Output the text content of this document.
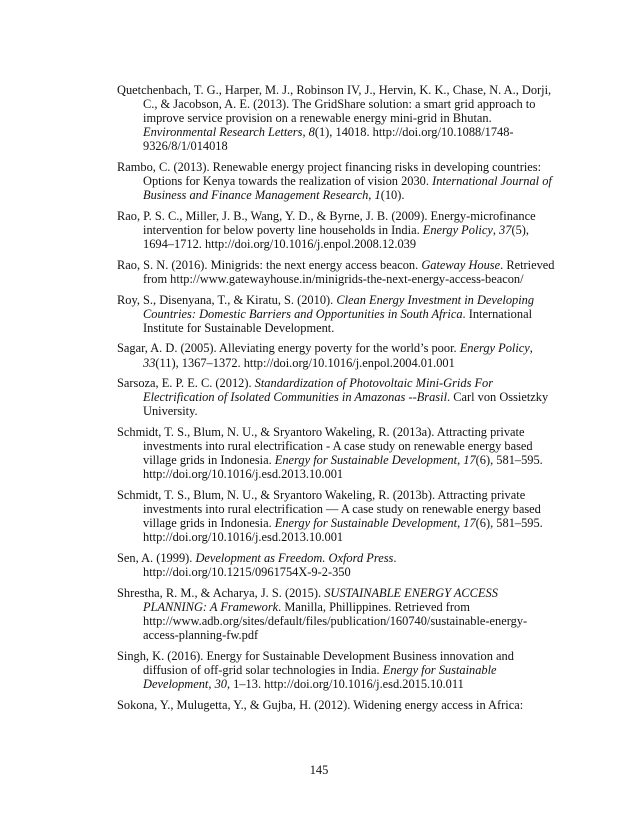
Quetchenbach, T. G., Harper, M. J., Robinson IV, J., Hervin, K. K., Chase, N. A., Dorji, C., & Jacobson, A. E. (2013). The GridShare solution: a smart grid approach to improve service provision on a renewable energy mini-grid in Bhutan. Environmental Research Letters, 8(1), 14018. http://doi.org/10.1088/1748-9326/8/1/014018
Rambo, C. (2013). Renewable energy project financing risks in developing countries: Options for Kenya towards the realization of vision 2030. International Journal of Business and Finance Management Research, 1(10).
Rao, P. S. C., Miller, J. B., Wang, Y. D., & Byrne, J. B. (2009). Energy-microfinance intervention for below poverty line households in India. Energy Policy, 37(5), 1694–1712. http://doi.org/10.1016/j.enpol.2008.12.039
Rao, S. N. (2016). Minigrids: the next energy access beacon. Gateway House. Retrieved from http://www.gatewayhouse.in/minigrids-the-next-energy-access-beacon/
Roy, S., Disenyana, T., & Kiratu, S. (2010). Clean Energy Investment in Developing Countries: Domestic Barriers and Opportunities in South Africa. International Institute for Sustainable Development.
Sagar, A. D. (2005). Alleviating energy poverty for the world’s poor. Energy Policy, 33(11), 1367–1372. http://doi.org/10.1016/j.enpol.2004.01.001
Sarsoza, E. P. E. C. (2012). Standardization of Photovoltaic Mini-Grids For Electrification of Isolated Communities in Amazonas --Brasil. Carl von Ossietzky University.
Schmidt, T. S., Blum, N. U., & Sryantoro Wakeling, R. (2013a). Attracting private investments into rural electrification - A case study on renewable energy based village grids in Indonesia. Energy for Sustainable Development, 17(6), 581–595. http://doi.org/10.1016/j.esd.2013.10.001
Schmidt, T. S., Blum, N. U., & Sryantoro Wakeling, R. (2013b). Attracting private investments into rural electrification — A case study on renewable energy based village grids in Indonesia. Energy for Sustainable Development, 17(6), 581–595. http://doi.org/10.1016/j.esd.2013.10.001
Sen, A. (1999). Development as Freedom. Oxford Press. http://doi.org/10.1215/0961754X-9-2-350
Shrestha, R. M., & Acharya, J. S. (2015). SUSTAINABLE ENERGY ACCESS PLANNING: A Framework. Manilla, Phillippines. Retrieved from http://www.adb.org/sites/default/files/publication/160740/sustainable-energy-access-planning-fw.pdf
Singh, K. (2016). Energy for Sustainable Development Business innovation and diffusion of off-grid solar technologies in India. Energy for Sustainable Development, 30, 1–13. http://doi.org/10.1016/j.esd.2015.10.011
Sokona, Y., Mulugetta, Y., & Gujba, H. (2012). Widening energy access in Africa:
145
